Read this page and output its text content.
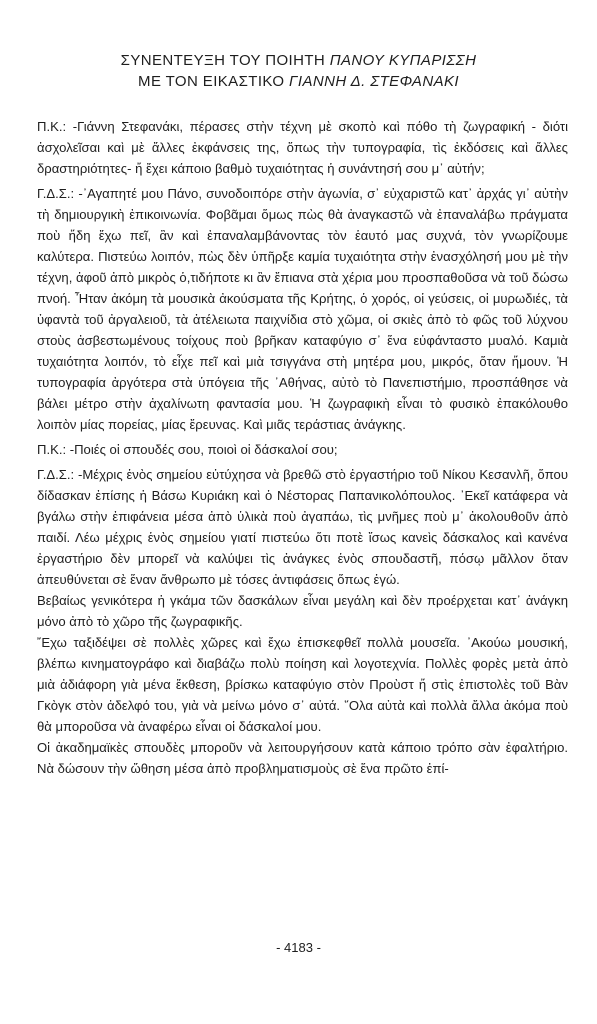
ΣΥΝΕΝΤΕΥΞΗ ΤΟΥ ΠΟΙΗΤΗ ΠΑΝΟΥ ΚΥΠΑΡΙΣΣΗ
ΜΕ ΤΟΝ ΕΙΚΑΣΤΙΚΟ ΓΙΑΝΝΗ Δ. ΣΤΕΦΑΝΑΚΙ

Π.Κ.: -Γιάννη Στεφανάκι, πέρασες στὴν τέχνη μὲ σκοπὸ καὶ πόθο τὴ ζωγραφική - διότι ἀσχολεῖσαι καὶ μὲ ἄλλες ἐκφάνσεις της, ὅπως τὴν τυπογραφία, τὶς ἐκδόσεις καὶ ἄλλες δραστηριότητες- ἤ ἔχει κάποιο βαθμὸ τυχαιότητας ἡ συνάντησή σου μ᾿ αὐτήν;

Γ.Δ.Σ.: -᾿Αγαπητέ μου Πάνο, συνοδοιπόρε στὴν ἀγωνία, σ᾿ εὐχαριστῶ κατ᾿ ἀρχάς γι᾿ αὐτὴν τὴ δημιουργικὴ ἐπικοινωνία. Φοβᾶμαι ὅμως πὼς θὰ ἀναγκαστῶ νὰ ἐπαναλάβω πράγματα ποὺ ἤδη ἔχω πεῖ, ἂν καὶ ἐπαναλαμβάνοντας τὸν ἑαυτό μας συχνά, τὸν γνωρίζουμε καλύτερα. Πιστεύω λοιπόν, πὼς δὲν ὑπῆρξε καμία τυχαιότητα στὴν ἐνασχόλησή μου μὲ τὴν τέχνη, ἀφοῦ ἀπὸ μικρὸς ὁ,τιδήποτε κι ἂν ἔπιανα στὰ χέρια μου προσπαθοῦσα νὰ τοῦ δώσω πνοή. Ἦταν ἀκόμη τὰ μουσικὰ ἀκούσματα τῆς Κρήτης, ὁ χορός, οἱ γεύσεις, οἱ μυρωδιές, τὰ ὑφαντὰ τοῦ ἀργαλειοῦ, τὰ ἀτέλειωτα παιχνίδια στὸ χῶμα, οἱ σκιὲς ἀπὸ τὸ φῶς τοῦ λύχνου στοὺς ἀσβεστωμένους τοίχους ποὺ βρῆκαν καταφύγιο σ᾿ ἕνα εὐφάνταστο μυαλό. Καμιὰ τυχαιότητα λοιπόν, τὸ εἶχε πεῖ καὶ μιὰ τσιγγάνα στὴ μητέρα μου, μικρός, ὅταν ἤμουν. Ἡ τυπογραφία ἀργότερα στὰ ὑπόγεια τῆς ᾿Αθήνας, αὐτὸ τὸ Πανεπιστήμιο, προσπάθησε νὰ βάλει μέτρο στὴν ἀχαλίνωτη φαντασία μου. Ἡ ζωγραφικὴ εἶναι τὸ φυσικὸ ἐπακόλουθο λοιπὸν μίας πορείας, μίας ἔρευνας. Καὶ μιᾶς τεράστιας ἀνάγκης.

Π.Κ.: -Ποιές οἱ σπουδές σου, ποιοὶ οἱ δάσκαλοί σου;

Γ.Δ.Σ.: -Μέχρις ἑνὸς σημείου εὐτύχησα νὰ βρεθῶ στὸ ἐργαστήριο τοῦ Νίκου Κεσανλῆ, ὅπου δίδασκαν ἐπίσης ἡ Βάσω Κυριάκη καὶ ὁ Νέστορας Παπανικολόπουλος. ᾿Εκεῖ κατάφερα νὰ βγάλω στὴν ἐπιφάνεια μέσα ἀπὸ ὑλικὰ ποὺ ἀγαπάω, τὶς μνῆμες ποὺ μ᾿ ἀκολουθοῦν ἀπὸ παιδί. Λέω μέχρις ἑνὸς σημείου γιατί πιστεύω ὅτι ποτὲ ἴσως κανεὶς δάσκαλος καὶ κανένα ἐργαστήριο δὲν μπορεῖ νὰ καλύψει τὶς ἀνάγκες ἑνὸς σπουδαστῆ, πόσῳ μᾶλλον ὅταν ἀπευθύνεται σὲ ἕναν ἄνθρωπο μὲ τόσες ἀντιφάσεις ὅπως ἐγώ.

Βεβαίως γενικότερα ἡ γκάμα τῶν δασκάλων εἶναι μεγάλη καὶ δὲν προέρχεται κατ᾿ ἀνάγκη μόνο ἀπὸ τὸ χῶρο τῆς ζωγραφικῆς.

῎Εχω ταξιδέψει σὲ πολλὲς χῶρες καὶ ἔχω ἐπισκεφθεῖ πολλὰ μουσεῖα. ᾿Ακούω μουσική, βλέπω κινηματογράφο καὶ διαβάζω πολὺ ποίηση καὶ λογοτεχνία. Πολλὲς φορὲς μετὰ ἀπὸ μιὰ ἀδιάφορη γιὰ μένα ἔκθεση, βρίσκω καταφύγιο στὸν Προὺστ ἤ στὶς ἐπιστολὲς τοῦ Βὰν Γκὸγκ στὸν ἀδελφό του, γιὰ νὰ μείνω μόνο σ᾿ αὐτά. ῞Ολα αὐτὰ καὶ πολλὰ ἄλλα ἀκόμα ποὺ θὰ μποροῦσα νὰ ἀναφέρω εἶναι οἱ δάσκαλοί μου.

Οἱ ἀκαδημαϊκὲς σπουδὲς μποροῦν νὰ λειτουργήσουν κατὰ κάποιο τρόπο σὰν ἐφαλτήριο. Νὰ δώσουν τὴν ὤθηση μέσα ἀπὸ προβληματισμοὺς σὲ ἕνα πρῶτο ἐπί-

- 4183 -
